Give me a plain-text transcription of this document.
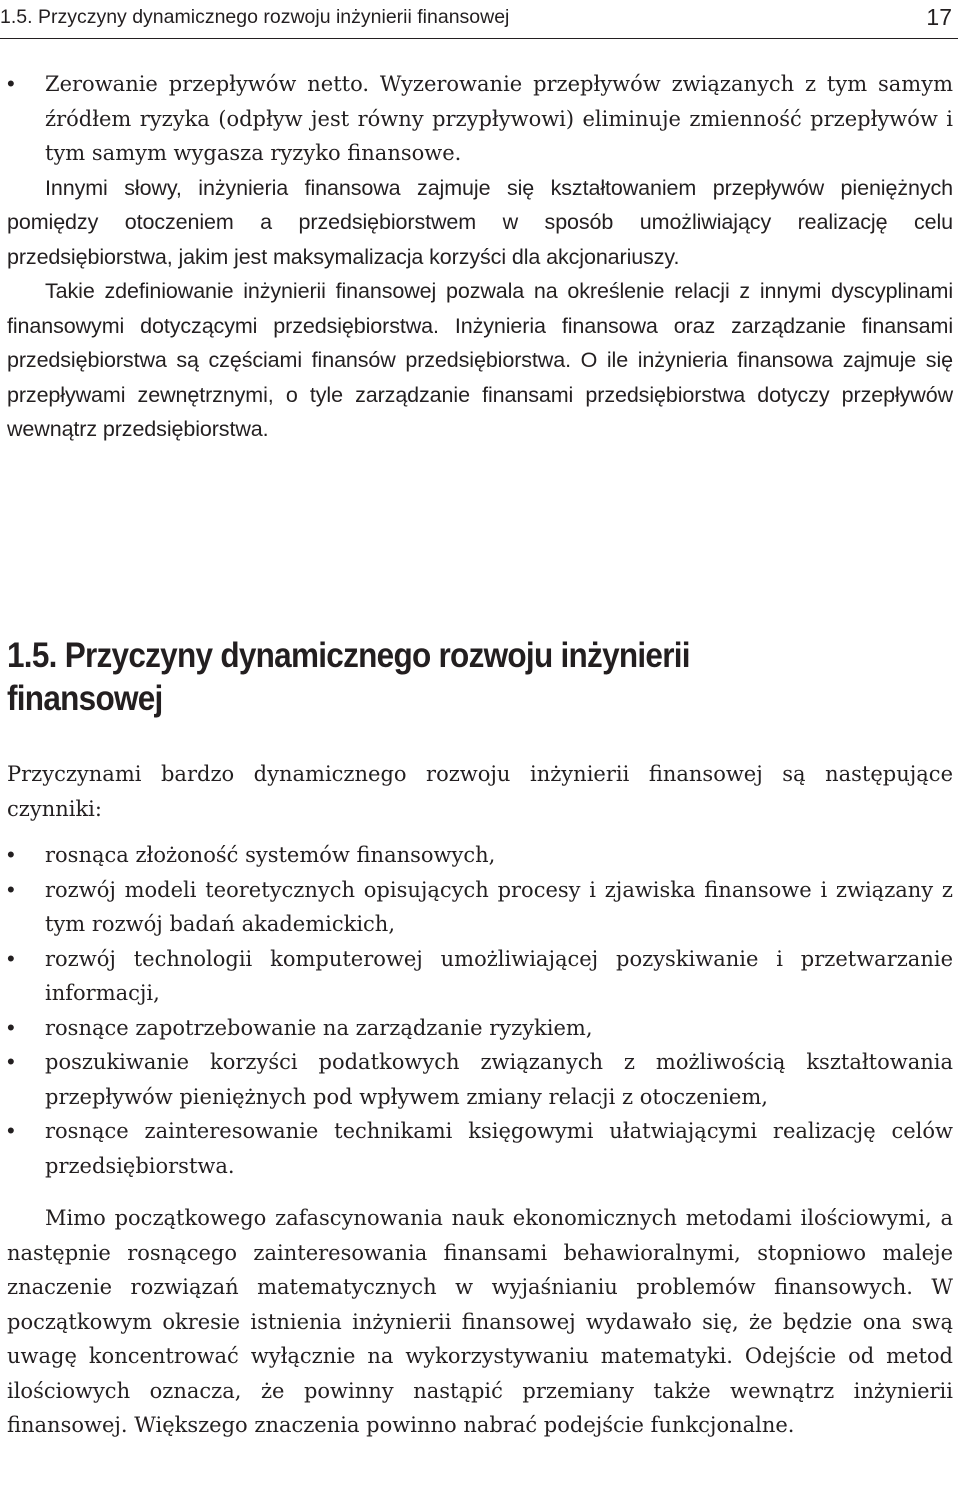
1.5. Przyczyny dynamicznego rozwoju inżynierii finansowej	17
•	Zerowanie przepływów netto. Wyzerowanie przepływów związanych z tym samym źródłem ryzyka (odpływ jest równy przypływowi) eliminuje zmienność przepływów i tym samym wygasza ryzyko finansowe.

Innymi słowy, inżynieria finansowa zajmuje się kształtowaniem przepływów pieniężnych pomiędzy otoczeniem a przedsiębiorstwem w sposób umożliwiający realizację celu przedsiębiorstwa, jakim jest maksymalizacja korzyści dla akcjonariuszy.

Takie zdefiniowanie inżynierii finansowej pozwala na określenie relacji z innymi dyscyplinami finansowymi dotyczącymi przedsiębiorstwa. Inżynieria finansowa oraz zarządzanie finansami przedsiębiorstwa są częściami finansów przedsiębiorstwa. O ile inżynieria finansowa zajmuje się przepływami zewnętrznymi, o tyle zarządzanie finansami przedsiębiorstwa dotyczy przepływów wewnątrz przedsiębiorstwa.

1.5. Przyczyny dynamicznego rozwoju inżynierii
finansowej

Przyczynami bardzo dynamicznego rozwoju inżynierii finansowej są następujące czynniki:

•	rosnąca złożoność systemów finansowych,
•	rozwój modeli teoretycznych opisujących procesy i zjawiska finansowe i związany z tym rozwój badań akademickich,
•	rozwój technologii komputerowej umożliwiającej pozyskiwanie i przetwarzanie informacji,
•	rosnące zapotrzebowanie na zarządzanie ryzykiem,
•	poszukiwanie korzyści podatkowych związanych z możliwością kształtowania przepływów pieniężnych pod wpływem zmiany relacji z otoczeniem,
•	rosnące zainteresowanie technikami księgowymi ułatwiającymi realizację celów przedsiębiorstwa.

Mimo początkowego zafascynowania nauk ekonomicznych metodami ilościowymi, a następnie rosnącego zainteresowania finansami behawioralnymi, stopniowo maleje znaczenie rozwiązań matematycznych w wyjaśnianiu problemów finansowych. W początkowym okresie istnienia inżynierii finansowej wydawało się, że będzie ona swą uwagę koncentrować wyłącznie na wykorzystywaniu matematyki. Odejście od metod ilościowych oznacza, że powinny nastąpić przemiany także wewnątrz inżynierii finansowej. Większego znaczenia powinno nabrać podejście funkcjonalne.
